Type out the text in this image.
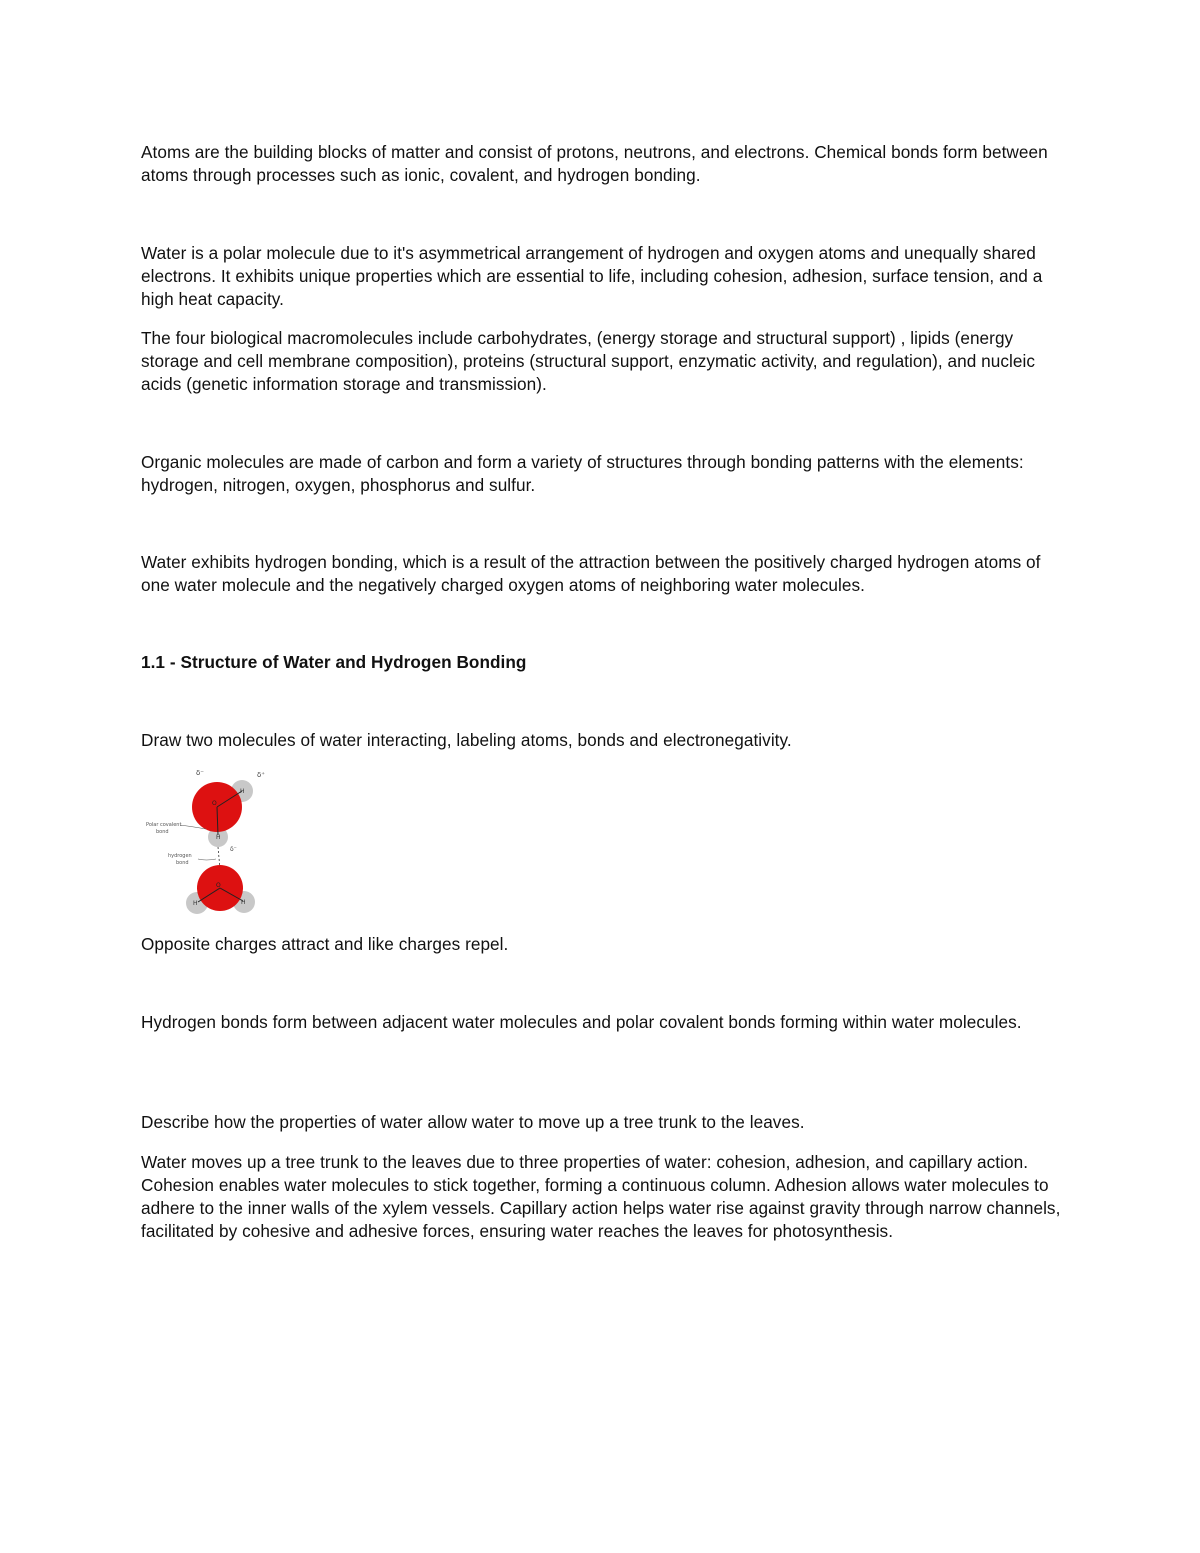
Atoms are the building blocks of matter and consist of protons, neutrons, and electrons. Chemical bonds form between atoms through processes such as ionic, covalent, and hydrogen bonding.

Water is a polar molecule due to it's asymmetrical arrangement of hydrogen and oxygen atoms and unequally shared electrons. It exhibits unique properties which are essential to life, including cohesion, adhesion, surface tension, and a high heat capacity.

The four biological macromolecules include carbohydrates, (energy storage and structural support) , lipids (energy storage and cell membrane composition), proteins (structural support, enzymatic activity, and regulation), and nucleic acids (genetic information storage and transmission).

Organic molecules are made of carbon and form a variety of structures through bonding patterns with the elements: hydrogen, nitrogen, oxygen, phosphorus and sulfur.

Water exhibits hydrogen bonding, which is a result of the attraction between the positively charged hydrogen atoms of one water molecule and the negatively charged oxygen atoms of neighboring water molecules.

1.1 - Structure of Water and Hydrogen Bonding

Draw two molecules of water interacting, labeling atoms, bonds and electronegativity.

δ⁻	δ⁺
O
H
H
Polar covalent
bond
hydrogen
bond
δ⁻
O
H	H

Opposite charges attract and like charges repel.

Hydrogen bonds form between adjacent water molecules and polar covalent bonds forming within water molecules.

Describe how the properties of water allow water to move up a tree trunk to the leaves.

Water moves up a tree trunk to the leaves due to three properties of water: cohesion, adhesion, and capillary action. Cohesion enables water molecules to stick together, forming a continuous column. Adhesion allows water molecules to adhere to the inner walls of the xylem vessels. Capillary action helps water rise against gravity through narrow channels, facilitated by cohesive and adhesive forces, ensuring water reaches the leaves for photosynthesis.
